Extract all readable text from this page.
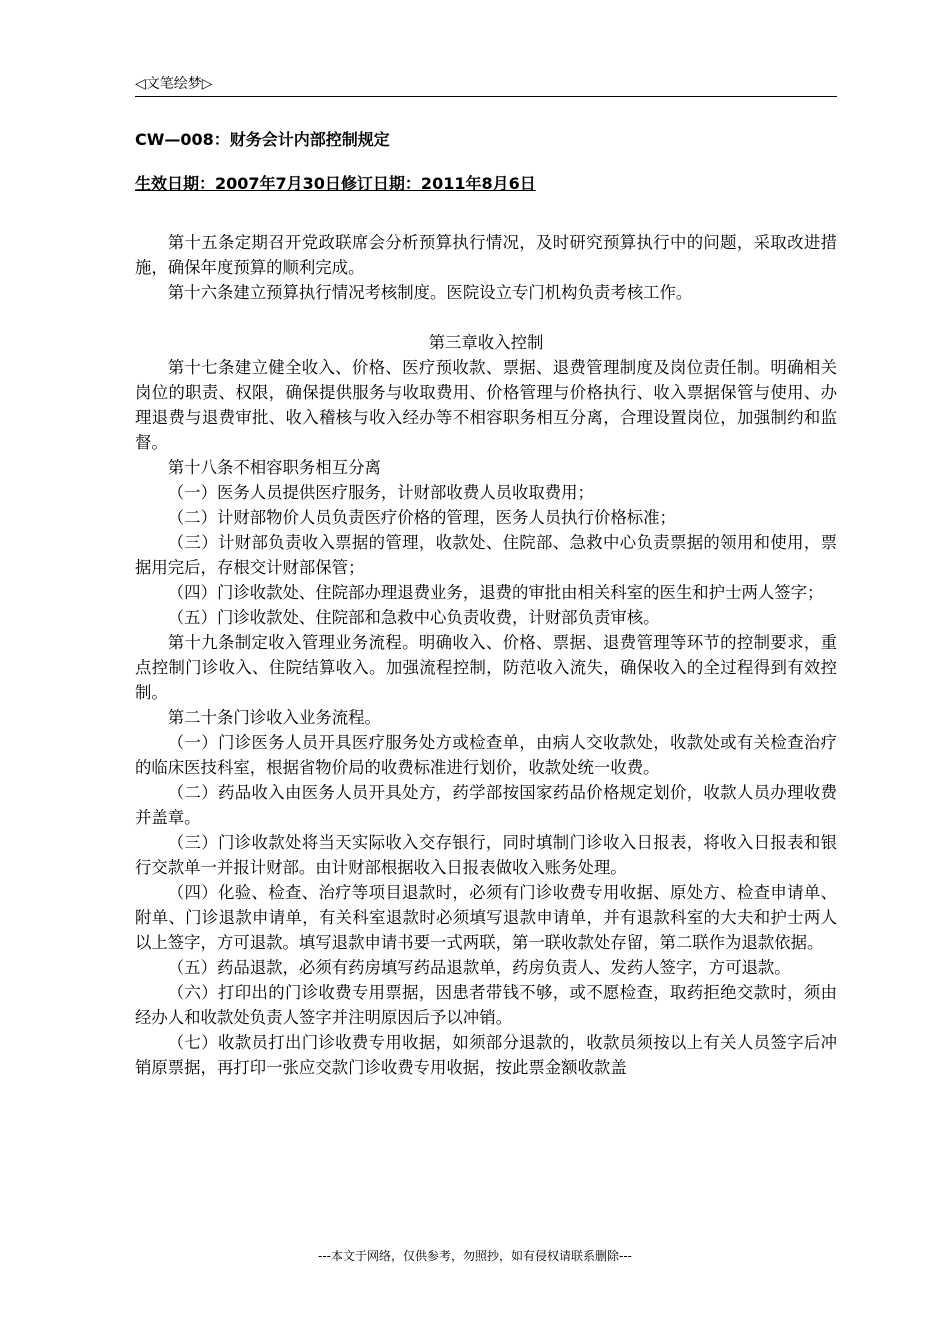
◁文笔绘梦▷
CW—008：财务会计内部控制规定
生效日期：2007年7月30日修订日期：2011年8月6日

第十五条定期召开党政联席会分析预算执行情况，及时研究预算执行中的问题，采取改进措施，确保年度预算的顺利完成。

第十六条建立预算执行情况考核制度。医院设立专门机构负责考核工作。

第三章收入控制

第十七条建立健全收入、价格、医疗预收款、票据、退费管理制度及岗位责任制。明确相关岗位的职责、权限，确保提供服务与收取费用、价格管理与价格执行、收入票据保管与使用、办理退费与退费审批、收入稽核与收入经办等不相容职务相互分离，合理设置岗位，加强制约和监督。

第十八条不相容职务相互分离

（一）医务人员提供医疗服务，计财部收费人员收取费用；

（二）计财部物价人员负责医疗价格的管理，医务人员执行价格标准；

（三）计财部负责收入票据的管理，收款处、住院部、急救中心负责票据的领用和使用，票据用完后，存根交计财部保管；

（四）门诊收款处、住院部办理退费业务，退费的审批由相关科室的医生和护士两人签字；

（五）门诊收款处、住院部和急救中心负责收费，计财部负责审核。

第十九条制定收入管理业务流程。明确收入、价格、票据、退费管理等环节的控制要求，重点控制门诊收入、住院结算收入。加强流程控制，防范收入流失，确保收入的全过程得到有效控制。

第二十条门诊收入业务流程。

（一）门诊医务人员开具医疗服务处方或检查单，由病人交收款处，收款处或有关检查治疗的临床医技科室，根据省物价局的收费标准进行划价，收款处统一收费。

（二）药品收入由医务人员开具处方，药学部按国家药品价格规定划价，收款人员办理收费并盖章。

（三）门诊收款处将当天实际收入交存银行，同时填制门诊收入日报表，将收入日报表和银行交款单一并报计财部。由计财部根据收入日报表做收入账务处理。

（四）化验、检查、治疗等项目退款时，必须有门诊收费专用收据、原处方、检查申请单、附单、门诊退款申请单，有关科室退款时必须填写退款申请单，并有退款科室的大夫和护士两人以上签字，方可退款。填写退款申请书要一式两联，第一联收款处存留，第二联作为退款依据。

（五）药品退款，必须有药房填写药品退款单，药房负责人、发药人签字，方可退款。

（六）打印出的门诊收费专用票据，因患者带钱不够，或不愿检查，取药拒绝交款时，须由经办人和收款处负责人签字并注明原因后予以冲销。

（七）收款员打出门诊收费专用收据，如须部分退款的，收款员须按以上有关人员签字后冲销原票据，再打印一张应交款门诊收费专用收据，按此票金额收款盖

---本文于网络，仅供参考，勿照抄，如有侵权请联系删除---
